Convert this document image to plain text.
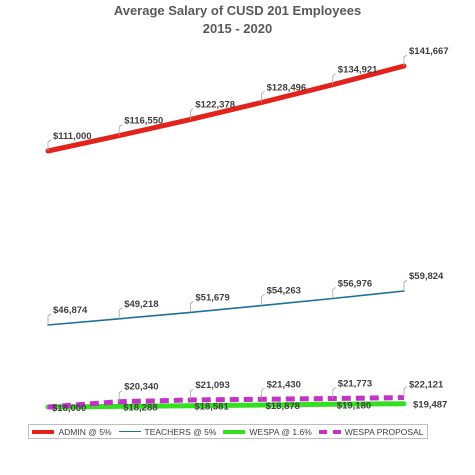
Average Salary of CUSD 201 Employees
2015 - 2020
$111,000
$116,550
$122,378
$128,496
$134,921
$141,667
$46,874
$49,218
$51,679
$54,263
$56,976
$59,824
$18,000	$18,288	$18,581	$18,878	$19,180	$19,487
$20,340	$21,093	$21,430	$21,773	$22,121
ADMIN @ 5%	TEACHERS @ 5%	WESPA @ 1.6%	WESPA PROPOSAL
